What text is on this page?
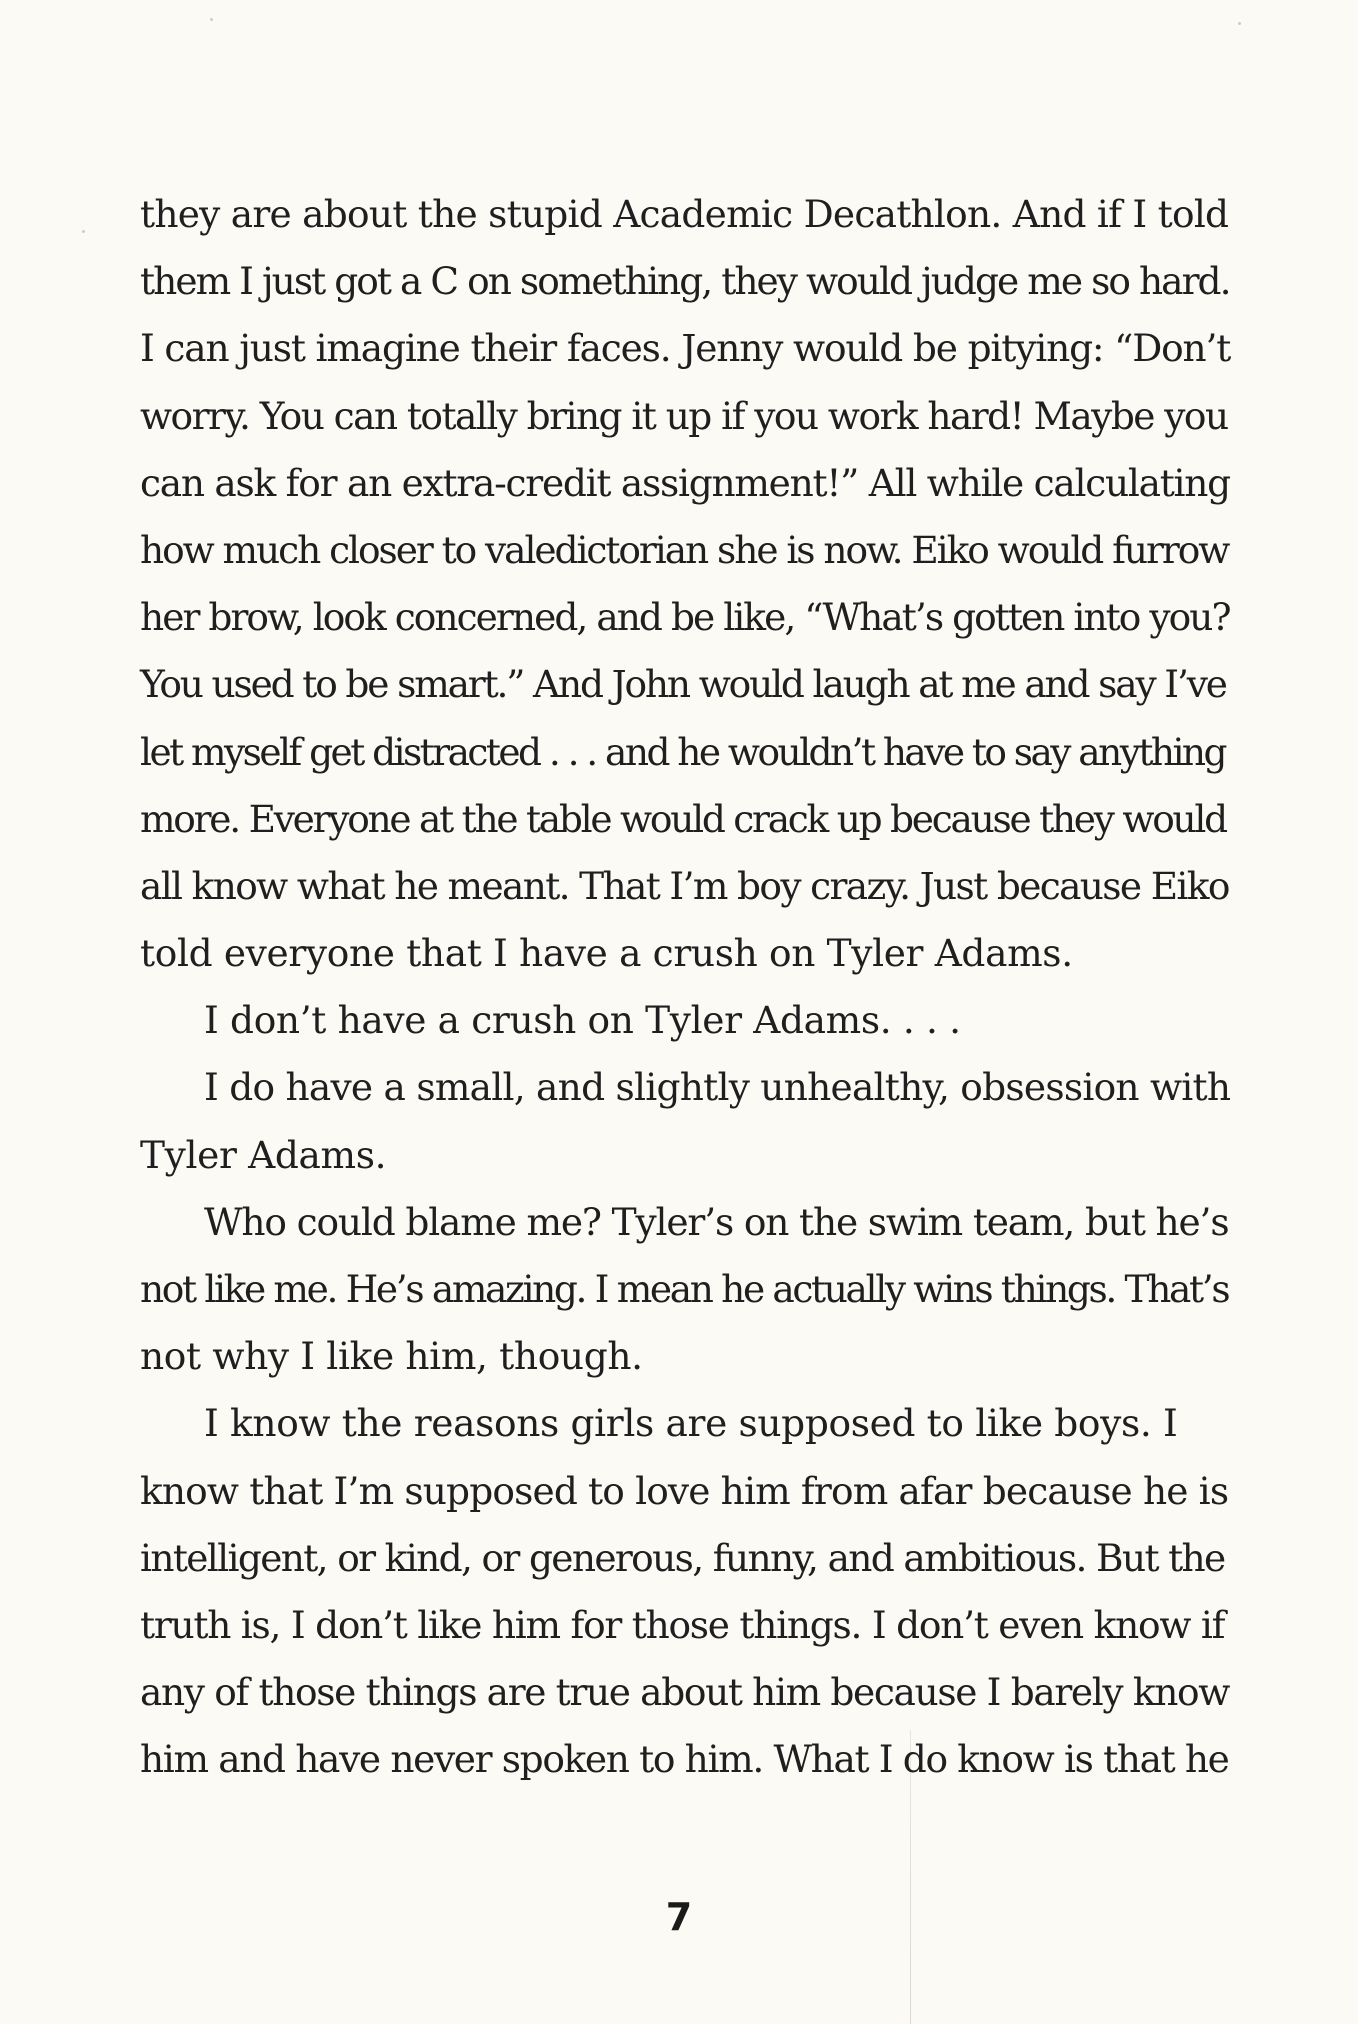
they are about the stupid Academic Decathlon. And if I told
them I just got a C on something, they would judge me so hard.
I can just imagine their faces. Jenny would be pitying: “Don’t
worry. You can totally bring it up if you work hard! Maybe you
can ask for an extra-credit assignment!” All while calculating
how much closer to valedictorian she is now. Eiko would furrow
her brow, look concerned, and be like, “What’s gotten into you?
You used to be smart.” And John would laugh at me and say I’ve
let myself get distracted . . . and he wouldn’t have to say anything
more. Everyone at the table would crack up because they would
all know what he meant. That I’m boy crazy. Just because Eiko
told everyone that I have a crush on Tyler Adams.
I don’t have a crush on Tyler Adams. . . .
I do have a small, and slightly unhealthy, obsession with
Tyler Adams.
Who could blame me? Tyler’s on the swim team, but he’s
not like me. He’s amazing. I mean he actually wins things. That’s
not why I like him, though.
I know the reasons girls are supposed to like boys. I
know that I’m supposed to love him from afar because he is
intelligent, or kind, or generous, funny, and ambitious. But the
truth is, I don’t like him for those things. I don’t even know if
any of those things are true about him because I barely know
him and have never spoken to him. What I do know is that he
7
